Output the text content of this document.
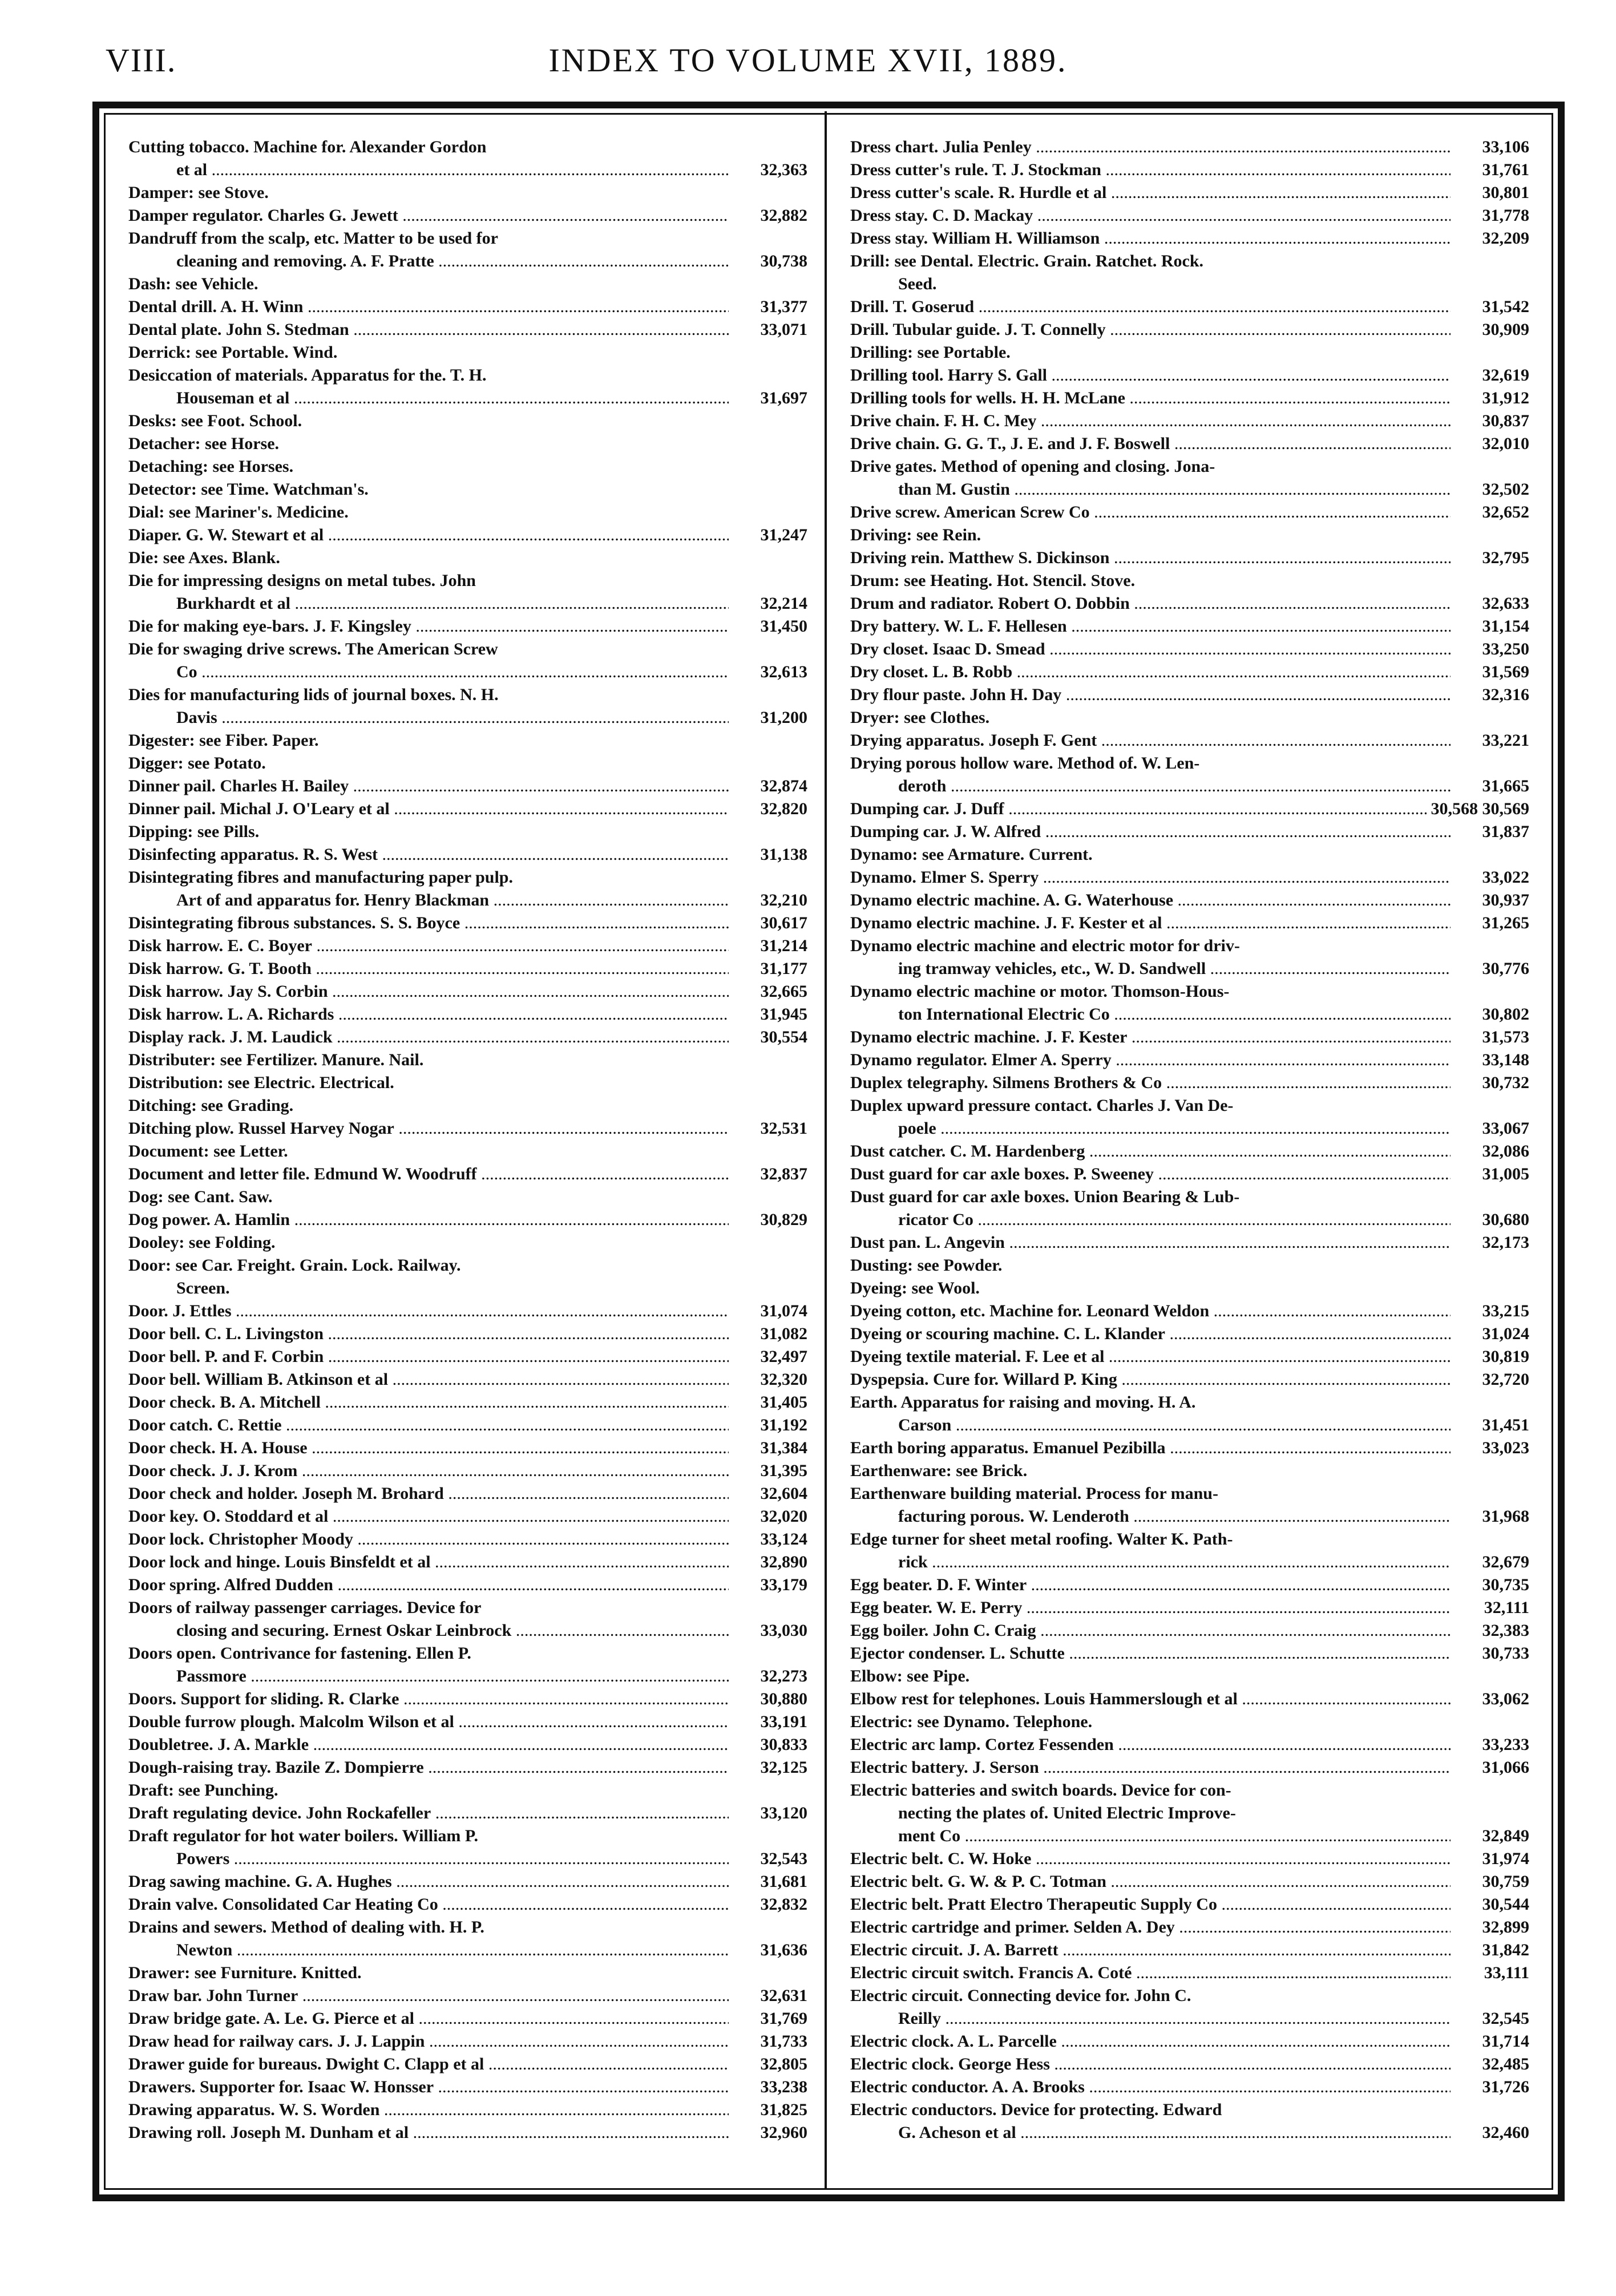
VIII.	INDEX TO VOLUME XVII, 1889.
Cutting tobacco. Machine for. Alexander Gordon
et al .....	32,363
Damper: see Stove.
Damper regulator. Charles G. Jewett .....	32,882
Dandruff from the scalp, etc. Matter to be used for
cleaning and removing. A. F. Pratte .....	30,738
Dash: see Vehicle.
Dental drill. A. H. Winn .....	31,377
Dental plate. John S. Stedman .....	33,071
Derrick: see Portable. Wind.
Desiccation of materials. Apparatus for the. T. H.
Houseman et al .....	31,697
Desks: see Foot. School.
Detacher: see Horse.
Detaching: see Horses.
Detector: see Time. Watchman's.
Dial: see Mariner's. Medicine.
Diaper. G. W. Stewart et al .....	31,247
Die: see Axes. Blank.
Die for impressing designs on metal tubes. John
Burkhardt et al .....	32,214
Die for making eye-bars. J. F. Kingsley .....	31,450
Die for swaging drive screws. The American Screw
Co .....	32,613
Dies for manufacturing lids of journal boxes. N. H.
Davis .....	31,200
Digester: see Fiber. Paper.
Digger: see Potato.
Dinner pail. Charles H. Bailey .....	32,874
Dinner pail. Michal J. O'Leary et al .....	32,820
Dipping: see Pills.
Disinfecting apparatus. R. S. West .....	31,138
Disintegrating fibres and manufacturing paper pulp.
Art of and apparatus for. Henry Blackman .....	32,210
Disintegrating fibrous substances. S. S. Boyce .....	30,617
Disk harrow. E. C. Boyer .....	31,214
Disk harrow. G. T. Booth .....	31,177
Disk harrow. Jay S. Corbin .....	32,665
Disk harrow. L. A. Richards .....	31,945
Display rack. J. M. Laudick .....	30,554
Distributer: see Fertilizer. Manure. Nail.
Distribution: see Electric. Electrical.
Ditching: see Grading.
Ditching plow. Russel Harvey Nogar .....	32,531
Document: see Letter.
Document and letter file. Edmund W. Woodruff .....	32,837
Dog: see Cant. Saw.
Dog power. A. Hamlin .....	30,829
Dooley: see Folding.
Door: see Car. Freight. Grain. Lock. Railway.
Screen.
Door. J. Ettles .....	31,074
Door bell. C. L. Livingston .....	31,082
Door bell. P. and F. Corbin .....	32,497
Door bell. William B. Atkinson et al .....	32,320
Door check. B. A. Mitchell .....	31,405
Door catch. C. Rettie .....	31,192
Door check. H. A. House .....	31,384
Door check. J. J. Krom .....	31,395
Door check and holder. Joseph M. Brohard .....	32,604
Door key. O. Stoddard et al .....	32,020
Door lock. Christopher Moody .....	33,124
Door lock and hinge. Louis Binsfeldt et al .....	32,890
Door spring. Alfred Dudden .....	33,179
Doors of railway passenger carriages. Device for
closing and securing. Ernest Oskar Leinbrock .....	33,030
Doors open. Contrivance for fastening. Ellen P.
Passmore .....	32,273
Doors. Support for sliding. R. Clarke .....	30,880
Double furrow plough. Malcolm Wilson et al .....	33,191
Doubletree. J. A. Markle .....	30,833
Dough-raising tray. Bazile Z. Dompierre .....	32,125
Draft: see Punching.
Draft regulating device. John Rockafeller .....	33,120
Draft regulator for hot water boilers. William P.
Powers .....	32,543
Drag sawing machine. G. A. Hughes .....	31,681
Drain valve. Consolidated Car Heating Co .....	32,832
Drains and sewers. Method of dealing with. H. P.
Newton .....	31,636
Drawer: see Furniture. Knitted.
Draw bar. John Turner .....	32,631
Draw bridge gate. A. Le. G. Pierce et al .....	31,769
Draw head for railway cars. J. J. Lappin .....	31,733
Drawer guide for bureaus. Dwight C. Clapp et al .....	32,805
Drawers. Supporter for. Isaac W. Honsser .....	33,238
Drawing apparatus. W. S. Worden .....	31,825
Drawing roll. Joseph M. Dunham et al .....	32,960
Dress chart. Julia Penley .....	33,106
Dress cutter's rule. T. J. Stockman .....	31,761
Dress cutter's scale. R. Hurdle et al .....	30,801
Dress stay. C. D. Mackay .....	31,778
Dress stay. William H. Williamson .....	32,209
Drill: see Dental. Electric. Grain. Ratchet. Rock.
Seed.
Drill. T. Goserud .....	31,542
Drill. Tubular guide. J. T. Connelly .....	30,909
Drilling: see Portable.
Drilling tool. Harry S. Gall .....	32,619
Drilling tools for wells. H. H. McLane .....	31,912
Drive chain. F. H. C. Mey .....	30,837
Drive chain. G. G. T., J. E. and J. F. Boswell .....	32,010
Drive gates. Method of opening and closing. Jona-
than M. Gustin .....	32,502
Drive screw. American Screw Co .....	32,652
Driving: see Rein.
Driving rein. Matthew S. Dickinson .....	32,795
Drum: see Heating. Hot. Stencil. Stove.
Drum and radiator. Robert O. Dobbin .....	32,633
Dry battery. W. L. F. Hellesen .....	31,154
Dry closet. Isaac D. Smead .....	33,250
Dry closet. L. B. Robb .....	31,569
Dry flour paste. John H. Day .....	32,316
Dryer: see Clothes.
Drying apparatus. Joseph F. Gent .....	33,221
Drying porous hollow ware. Method of. W. Len-
deroth .....	31,665
Dumping car. J. Duff .....	30,568 30,569
Dumping car. J. W. Alfred .....	31,837
Dynamo: see Armature. Current.
Dynamo. Elmer S. Sperry .....	33,022
Dynamo electric machine. A. G. Waterhouse .....	30,937
Dynamo electric machine. J. F. Kester et al .....	31,265
Dynamo electric machine and electric motor for driv-
ing tramway vehicles, etc., W. D. Sandwell .....	30,776
Dynamo electric machine or motor. Thomson-Hous-
ton International Electric Co .....	30,802
Dynamo electric machine. J. F. Kester .....	31,573
Dynamo regulator. Elmer A. Sperry .....	33,148
Duplex telegraphy. Silmens Brothers & Co .....	30,732
Duplex upward pressure contact. Charles J. Van De-
poele .....	33,067
Dust catcher. C. M. Hardenberg .....	32,086
Dust guard for car axle boxes. P. Sweeney .....	31,005
Dust guard for car axle boxes. Union Bearing & Lub-
ricator Co .....	30,680
Dust pan. L. Angevin .....	32,173
Dusting: see Powder.
Dyeing: see Wool.
Dyeing cotton, etc. Machine for. Leonard Weldon .....	33,215
Dyeing or scouring machine. C. L. Klander .....	31,024
Dyeing textile material. F. Lee et al .....	30,819
Dyspepsia. Cure for. Willard P. King .....	32,720
Earth. Apparatus for raising and moving. H. A.
Carson .....	31,451
Earth boring apparatus. Emanuel Pezibilla .....	33,023
Earthenware: see Brick.
Earthenware building material. Process for manu-
facturing porous. W. Lenderoth .....	31,968
Edge turner for sheet metal roofing. Walter K. Path-
rick .....	32,679
Egg beater. D. F. Winter .....	30,735
Egg beater. W. E. Perry .....	32,111
Egg boiler. John C. Craig .....	32,383
Ejector condenser. L. Schutte .....	30,733
Elbow: see Pipe.
Elbow rest for telephones. Louis Hammerslough et al .....	33,062
Electric: see Dynamo. Telephone.
Electric arc lamp. Cortez Fessenden .....	33,233
Electric battery. J. Serson .....	31,066
Electric batteries and switch boards. Device for con-
necting the plates of. United Electric Improve-
ment Co .....	32,849
Electric belt. C. W. Hoke .....	31,974
Electric belt. G. W. & P. C. Totman .....	30,759
Electric belt. Pratt Electro Therapeutic Supply Co .....	30,544
Electric cartridge and primer. Selden A. Dey .....	32,899
Electric circuit. J. A. Barrett .....	31,842
Electric circuit switch. Francis A. Coté .....	33,111
Electric circuit. Connecting device for. John C.
Reilly .....	32,545
Electric clock. A. L. Parcelle .....	31,714
Electric clock. George Hess .....	32,485
Electric conductor. A. A. Brooks .....	31,726
Electric conductors. Device for protecting. Edward
G. Acheson et al .....	32,460
